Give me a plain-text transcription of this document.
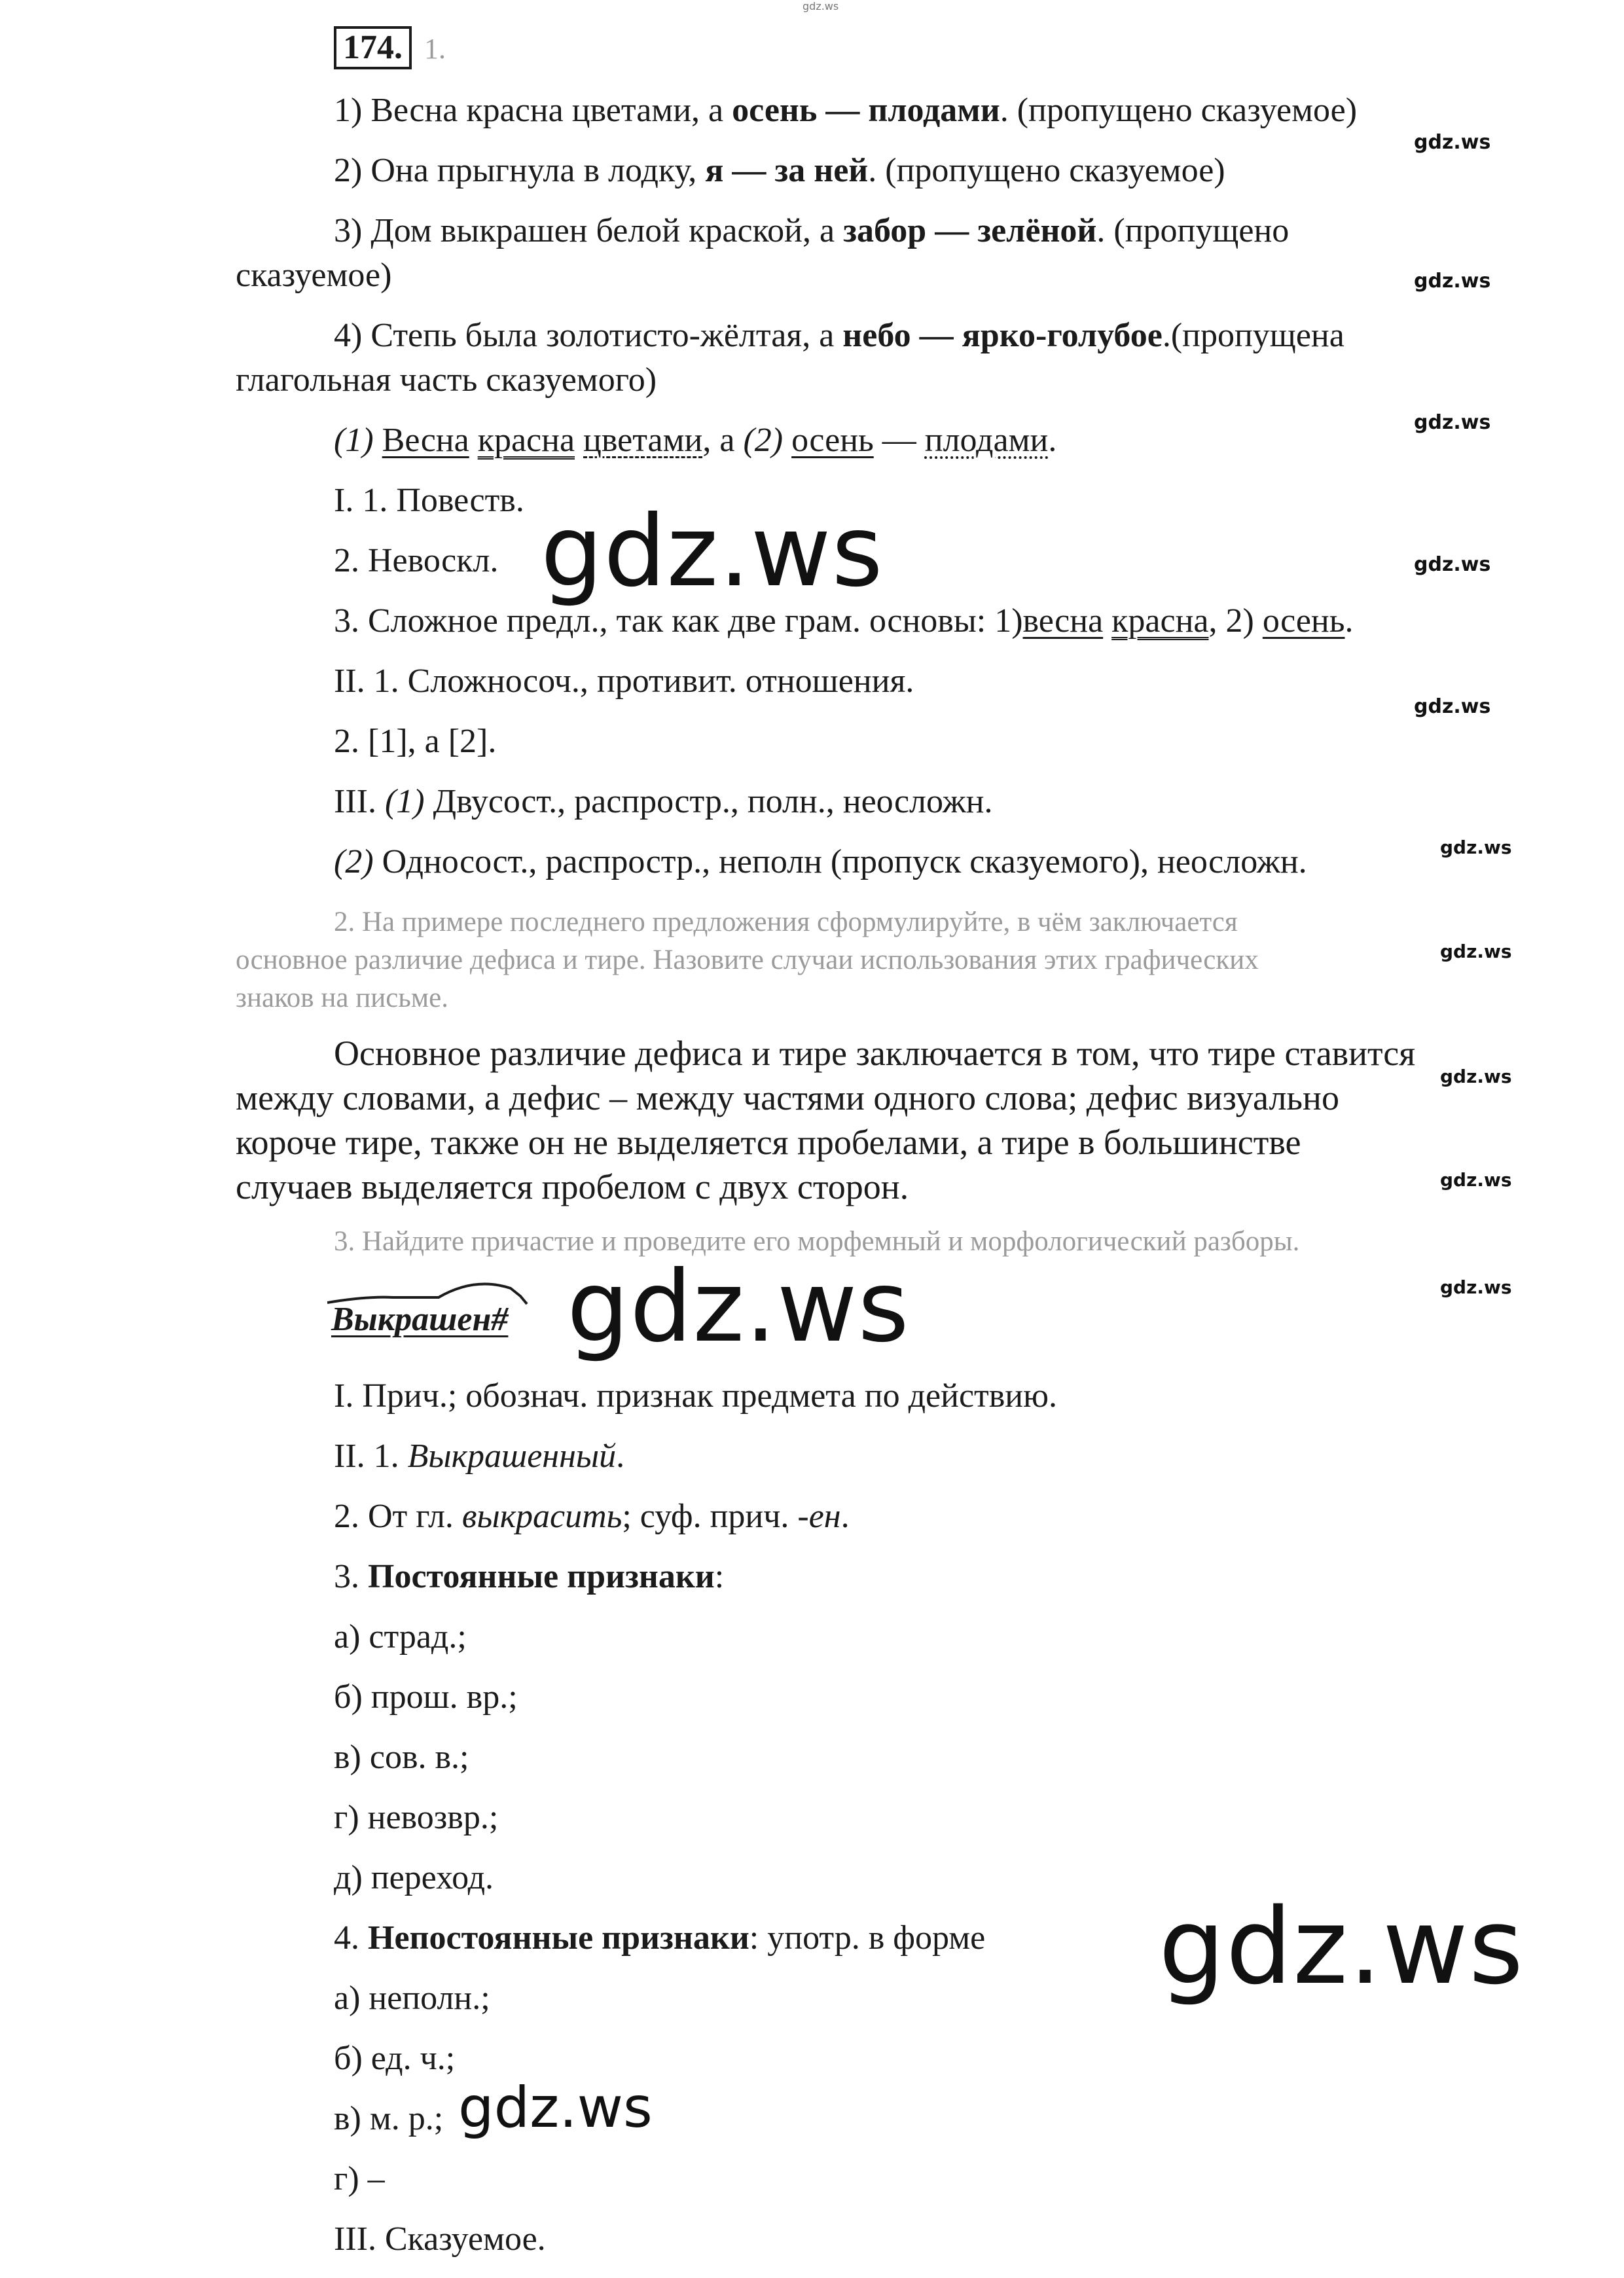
gdz.ws
174. 1.
1) Весна красна цветами, а осень — плодами. (пропущено сказуемое)
2) Она прыгнула в лодку, я — за ней. (пропущено сказуемое)
3) Дом выкрашен белой краской, а забор — зелёной. (пропущено
сказуемое)
4) Степь была золотисто-жёлтая, а небо — ярко-голубое.(пропущена
глагольная часть сказуемого)
(1) Весна красна цветами, а (2) осень — плодами.
I. 1. Повеств.
2. Невоскл.
3. Сложное предл., так как две грам. основы: 1)весна красна, 2) осень.
II. 1. Сложносоч., противит. отношения.
2. [1], а [2].
III. (1) Двусост., распростр., полн., неосложн.
(2) Односост., распростр., неполн (пропуск сказуемого), неосложн.
2. На примере последнего предложения сформулируйте, в чём заключается
основное различие дефиса и тире. Назовите случаи использования этих графических
знаков на письме.
Основное различие дефиса и тире заключается в том, что тире ставится
между словами, а дефис – между частями одного слова; дефис визуально
короче тире, также он не выделяется пробелами, а тире в большинстве
случаев выделяется пробелом с двух сторон.
3. Найдите причастие и проведите его морфемный и морфологический разборы.
Выкрашен#
I. Прич.; обознач. признак предмета по действию.
II. 1. Выкрашенный.
2. От гл. выкрасить; суф. прич. -ен.
3. Постоянные признаки:
а) страд.;
б) прош. вр.;
в) сов. в.;
г) невозвр.;
д) переход.
4. Непостоянные признаки: употр. в форме
а) неполн.;
б) ед. ч.;
в) м. р.;
г) –
III. Сказуемое.
gdz.ws
gdz.ws
gdz.ws
gdz.ws
gdz.ws
gdz.ws
gdz.ws
gdz.ws
gdz.ws
gdz.ws
gdz.ws
gdz.ws
gdz.ws
gdz.ws
